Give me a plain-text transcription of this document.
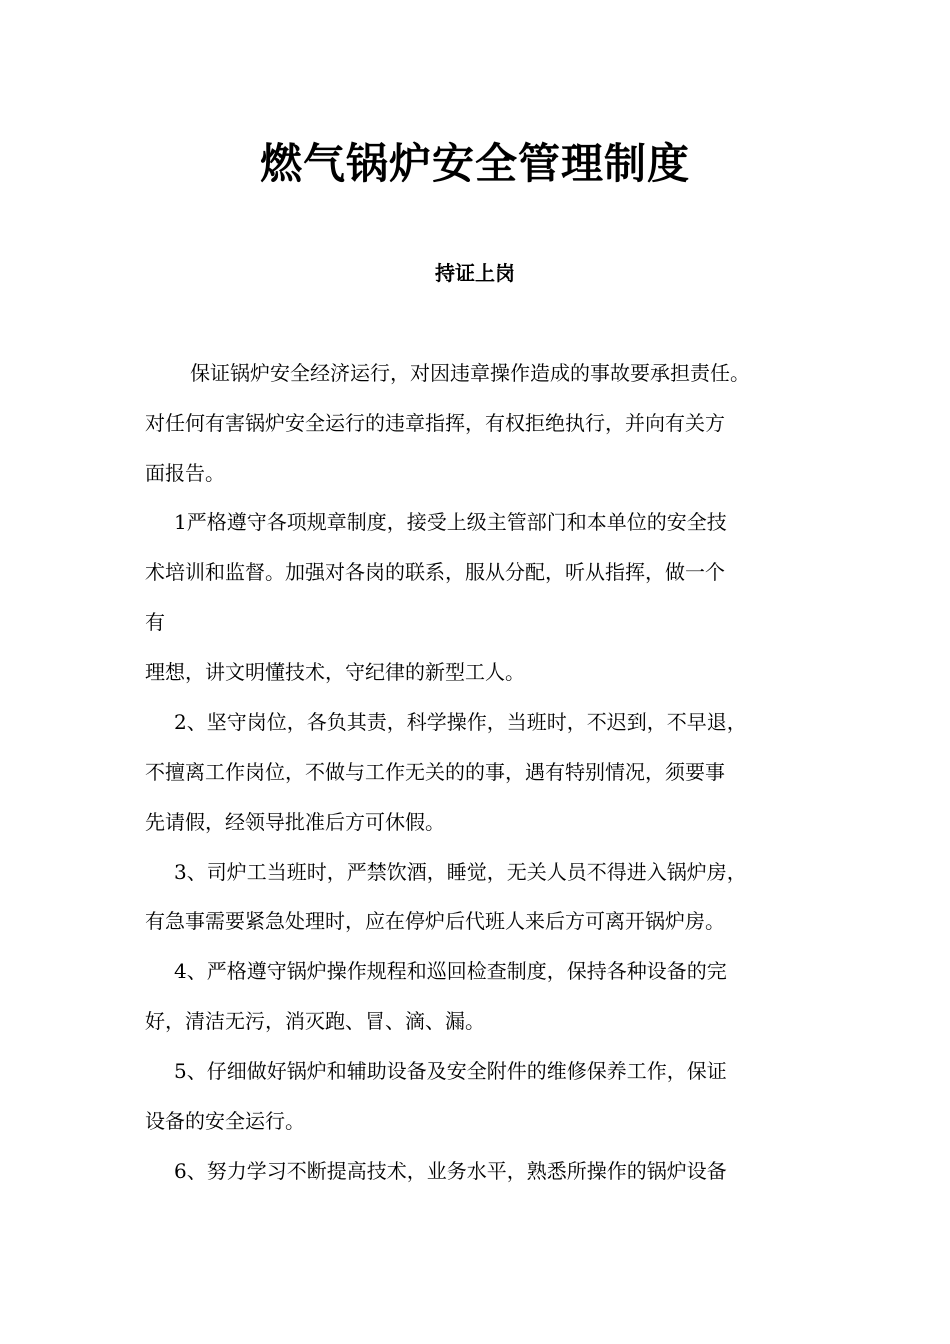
燃气锅炉安全管理制度
持证上岗
保证锅炉安全经济运行，对因违章操作造成的事故要承担责任。
对任何有害锅炉安全运行的违章指挥，有权拒绝执行，并向有关方
面报告。
1严格遵守各项规章制度，接受上级主管部门和本单位的安全技
术培训和监督。加强对各岗的联系，服从分配，听从指挥，做一个
有
理想，讲文明懂技术，守纪律的新型工人。
2、坚守岗位，各负其责，科学操作，当班时，不迟到，不早退，
不擅离工作岗位，不做与工作无关的的事，遇有特别情况，须要事
先请假，经领导批准后方可休假。
3、司炉工当班时，严禁饮酒，睡觉，无关人员不得进入锅炉房，
有急事需要紧急处理时，应在停炉后代班人来后方可离开锅炉房。
4、严格遵守锅炉操作规程和巡回检查制度，保持各种设备的完
好，清洁无污，消灭跑、冒、滴、漏。
5、仔细做好锅炉和辅助设备及安全附件的维修保养工作，保证
设备的安全运行。
6、努力学习不断提高技术，业务水平，熟悉所操作的锅炉设备
